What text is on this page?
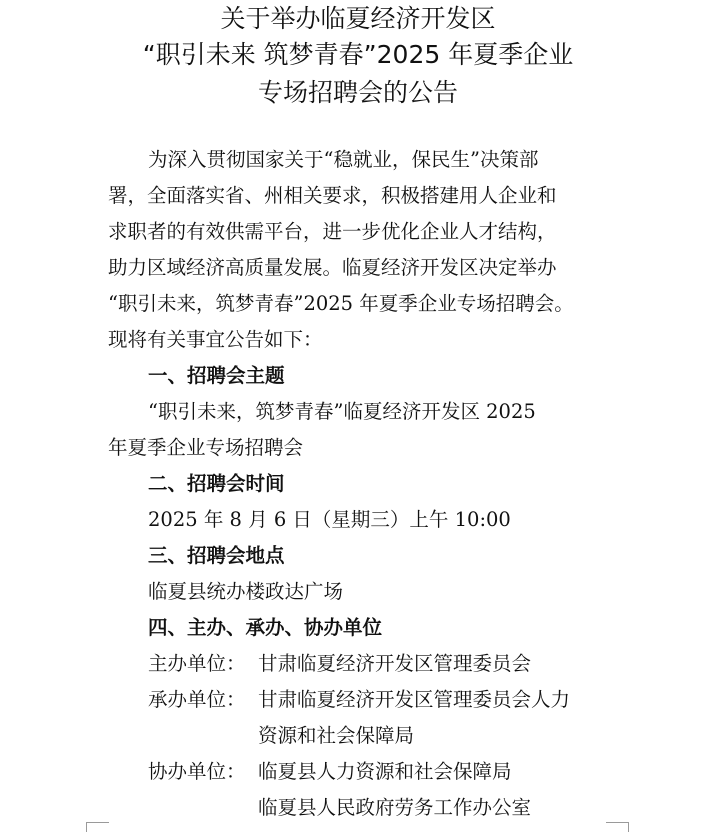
关于举办临夏经济开发区
“职引未来 筑梦青春”2025 年夏季企业
专场招聘会的公告
为深入贯彻国家关于“稳就业，保民生”决策部
署，全面落实省、州相关要求，积极搭建用人企业和
求职者的有效供需平台，进一步优化企业人才结构，
助力区域经济高质量发展。临夏经济开发区决定举办
“职引未来，筑梦青春”2025 年夏季企业专场招聘会。
现将有关事宜公告如下：
一、招聘会主题
“职引未来，筑梦青春”临夏经济开发区 2025
年夏季企业专场招聘会
二、招聘会时间
2025 年 8 月 6 日（星期三）上午 10:00
三、招聘会地点
临夏县统办楼政达广场
四、主办、承办、协办单位
主办单位： 甘肃临夏经济开发区管理委员会
承办单位： 甘肃临夏经济开发区管理委员会人力
资源和社会保障局
协办单位： 临夏县人力资源和社会保障局
临夏县人民政府劳务工作办公室
